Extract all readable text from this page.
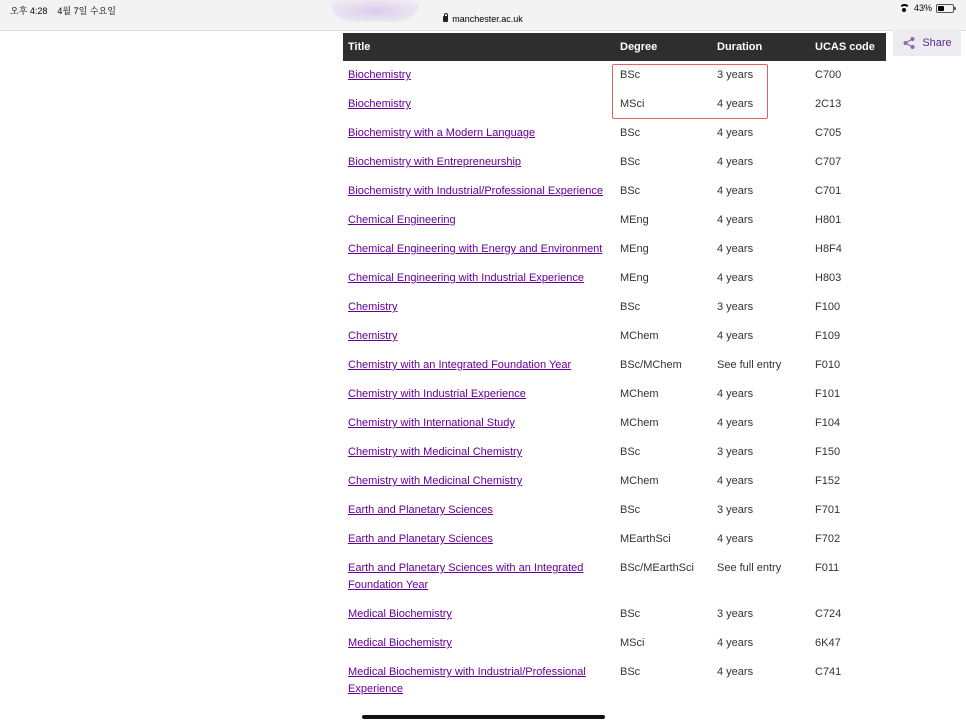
오후 4:28 4월 7일 수요일
manchester.ac.uk
43%
Share
Title	Degree	Duration	UCAS code
Biochemistry	BSc	3 years	C700
Biochemistry	MSci	4 years	2C13
Biochemistry with a Modern Language	BSc	4 years	C705
Biochemistry with Entrepreneurship	BSc	4 years	C707
Biochemistry with Industrial/Professional Experience	BSc	4 years	C701
Chemical Engineering	MEng	4 years	H801
Chemical Engineering with Energy and Environment	MEng	4 years	H8F4
Chemical Engineering with Industrial Experience	MEng	4 years	H803
Chemistry	BSc	3 years	F100
Chemistry	MChem	4 years	F109
Chemistry with an Integrated Foundation Year	BSc/MChem	See full entry	F010
Chemistry with Industrial Experience	MChem	4 years	F101
Chemistry with International Study	MChem	4 years	F104
Chemistry with Medicinal Chemistry	BSc	3 years	F150
Chemistry with Medicinal Chemistry	MChem	4 years	F152
Earth and Planetary Sciences	BSc	3 years	F701
Earth and Planetary Sciences	MEarthSci	4 years	F702
Earth and Planetary Sciences with an Integrated Foundation Year	BSc/MEarthSci	See full entry	F011
Medical Biochemistry	BSc	3 years	C724
Medical Biochemistry	MSci	4 years	6K47
Medical Biochemistry with Industrial/Professional Experience	BSc	4 years	C741
